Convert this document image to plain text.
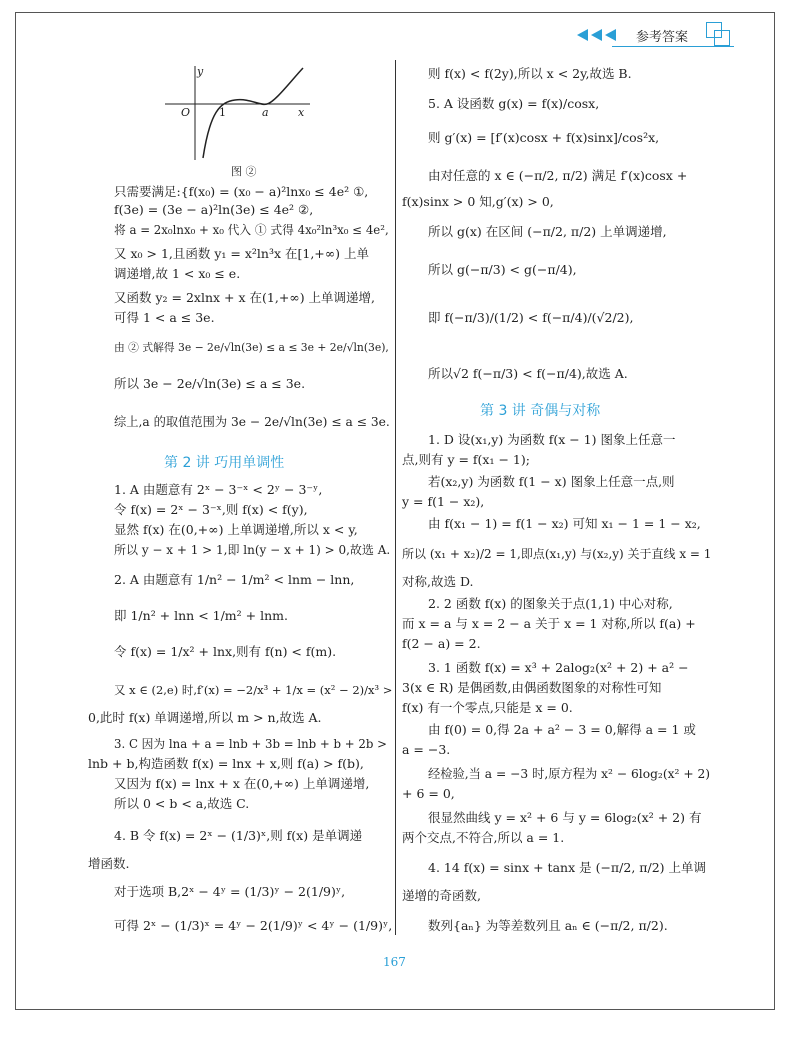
参考答案
y
O	1	a	x
图 ②
只需要满足:{f(x₀) = (x₀ − a)²lnx₀ ≤ 4e² ①,
f(3e) = (3e − a)²ln(3e) ≤ 4e² ②,
将 a = 2x₀lnx₀ + x₀ 代入 ① 式得 4x₀²ln³x₀ ≤ 4e²,
又 x₀ > 1,且函数 y₁ = x²ln³x 在[1,+∞) 上单
调递增,故 1 < x₀ ≤ e.
又函数 y₂ = 2xlnx + x 在(1,+∞) 上单调递增,
可得 1 < a ≤ 3e.
由 ② 式解得 3e − 2e/√ln(3e) ≤ a ≤ 3e + 2e/√ln(3e),
所以 3e − 2e/√ln(3e) ≤ a ≤ 3e.
综上,a 的取值范围为 3e − 2e/√ln(3e) ≤ a ≤ 3e.
第 2 讲 巧用单调性
1. A 由题意有 2ˣ − 3⁻ˣ < 2ʸ − 3⁻ʸ,
令 f(x) = 2ˣ − 3⁻ˣ,则 f(x) < f(y),
显然 f(x) 在(0,+∞) 上单调递增,所以 x < y,
所以 y − x + 1 > 1,即 ln(y − x + 1) > 0,故选 A.
2. A 由题意有 1/n² − 1/m² < lnm − lnn,
即 1/n² + lnn < 1/m² + lnm.
令 f(x) = 1/x² + lnx,则有 f(n) < f(m).
又 x ∈ (2,e) 时,f′(x) = −2/x³ + 1/x = (x² − 2)/x³ >
0,此时 f(x) 单调递增,所以 m > n,故选 A.
3. C 因为 lna + a = lnb + 3b = lnb + b + 2b >
lnb + b,构造函数 f(x) = lnx + x,则 f(a) > f(b),
又因为 f(x) = lnx + x 在(0,+∞) 上单调递增,
所以 0 < b < a,故选 C.
4. B 令 f(x) = 2ˣ − (1/3)ˣ,则 f(x) 是单调递
增函数.
对于选项 B,2ˣ − 4ʸ = (1/3)ʸ − 2(1/9)ʸ,
可得 2ˣ − (1/3)ˣ = 4ʸ − 2(1/9)ʸ < 4ʸ − (1/9)ʸ,
则 f(x) < f(2y),所以 x < 2y,故选 B.
5. A 设函数 g(x) = f(x)/cosx,
则 g′(x) = [f′(x)cosx + f(x)sinx]/cos²x,
由对任意的 x ∈ (−π/2, π/2) 满足 f′(x)cosx +
f(x)sinx > 0 知,g′(x) > 0,
所以 g(x) 在区间 (−π/2, π/2) 上单调递增,
所以 g(−π/3) < g(−π/4),
即 f(−π/3)/(1/2) < f(−π/4)/(√2/2),
所以√2 f(−π/3) < f(−π/4),故选 A.
第 3 讲 奇偶与对称
1. D 设(x₁,y) 为函数 f(x − 1) 图象上任意一
点,则有 y = f(x₁ − 1);
若(x₂,y) 为函数 f(1 − x) 图象上任意一点,则
y = f(1 − x₂),
由 f(x₁ − 1) = f(1 − x₂) 可知 x₁ − 1 = 1 − x₂,
所以 (x₁ + x₂)/2 = 1,即点(x₁,y) 与(x₂,y) 关于直线 x = 1
对称,故选 D.
2. 2 函数 f(x) 的图象关于点(1,1) 中心对称,
而 x = a 与 x = 2 − a 关于 x = 1 对称,所以 f(a) +
f(2 − a) = 2.
3. 1 函数 f(x) = x³ + 2alog₂(x² + 2) + a² −
3(x ∈ R) 是偶函数,由偶函数图象的对称性可知
f(x) 有一个零点,只能是 x = 0.
由 f(0) = 0,得 2a + a² − 3 = 0,解得 a = 1 或
a = −3.
经检验,当 a = −3 时,原方程为 x² − 6log₂(x² + 2)
+ 6 = 0,
很显然曲线 y = x² + 6 与 y = 6log₂(x² + 2) 有
两个交点,不符合,所以 a = 1.
4. 14 f(x) = sinx + tanx 是 (−π/2, π/2) 上单调
递增的奇函数,
数列{aₙ} 为等差数列且 aₙ ∈ (−π/2, π/2).
167
